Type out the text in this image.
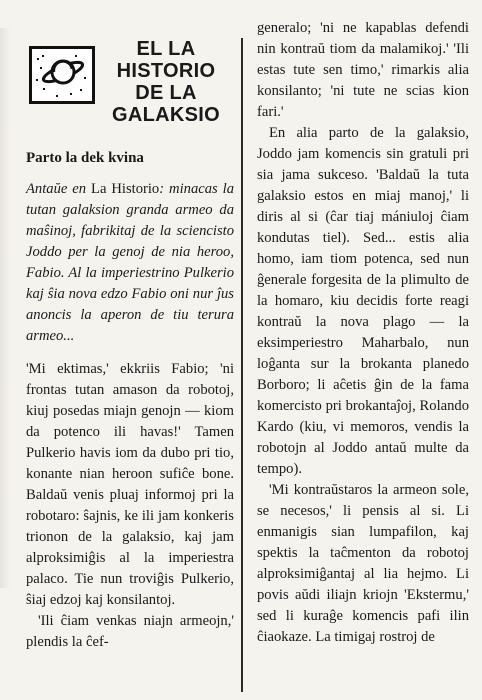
EL LA
HISTORIO
DE LA
GALAKSIO
Parto la dek kvina

Antaŭe en La Historio: minacas la tutan galaksion granda armeo da maŝinoj, fabrikitaj de la sciencisto Joddo per la genoj de nia heroo, Fabio. Al la imperiestrino Pulkerio kaj ŝia nova edzo Fabio oni nur ĵus anoncis la aperon de tiu terura armeo...

'Mi ektimas,' ekkriis Fabio; 'ni frontas tutan amason da robotoj, kiuj posedas miajn genojn — kiom da potenco ili havas!' Tamen Pulkerio havis iom da dubo pri tio, konante nian heroon sufiĉe bone. Baldaŭ venis pluaj informoj pri la robotaro: ŝajnis, ke ili jam konkeris trionon de la galaksio, kaj jam alproksimiĝis al la imperiestra palaco. Tie nun troviĝis Pulkerio, ŝiaj edzoj kaj konsilantoj.

'Ili ĉiam venkas niajn armeojn,' plendis la ĉef-

generalo; 'ni ne kapablas defendi nin kontraŭ tiom da malamikoj.' 'Ili estas tute sen timo,' rimarkis alia konsilanto; 'ni tute ne scias kion fari.'

En alia parto de la galaksio, Joddo jam komencis sin gratuli pri sia jama sukceso. 'Baldaŭ la tuta galaksio estos en miaj manoj,' li diris al si (ĉar tiaj mániuloj ĉiam kondutas tiel). Sed... estis alia homo, iam tiom potenca, sed nun ĝenerale forgesita de la plimulto de la homaro, kiu decidis forte reagi kontraŭ la nova plago — la eksimperiestro Maharbalo, nun loĝanta sur la brokanta planedo Borboro; li aĉetis ĝin de la fama komercisto pri brokantaĵoj, Rolando Kardo (kiu, vi memoros, vendis la robotojn al Joddo antaŭ multe da tempo).

'Mi kontraŭstaros la armeon sole, se necesos,' li pensis al si. Li enmanigis sian lumpafilon, kaj spektis la taĉmenton da robotoj alproksimiĝantaj al lia hejmo. Li povis aŭdi iliajn kriojn 'Ekstermu,' sed li kuraĝe komencis pafi ilin ĉiaokaze. La timigaj rostroj de
